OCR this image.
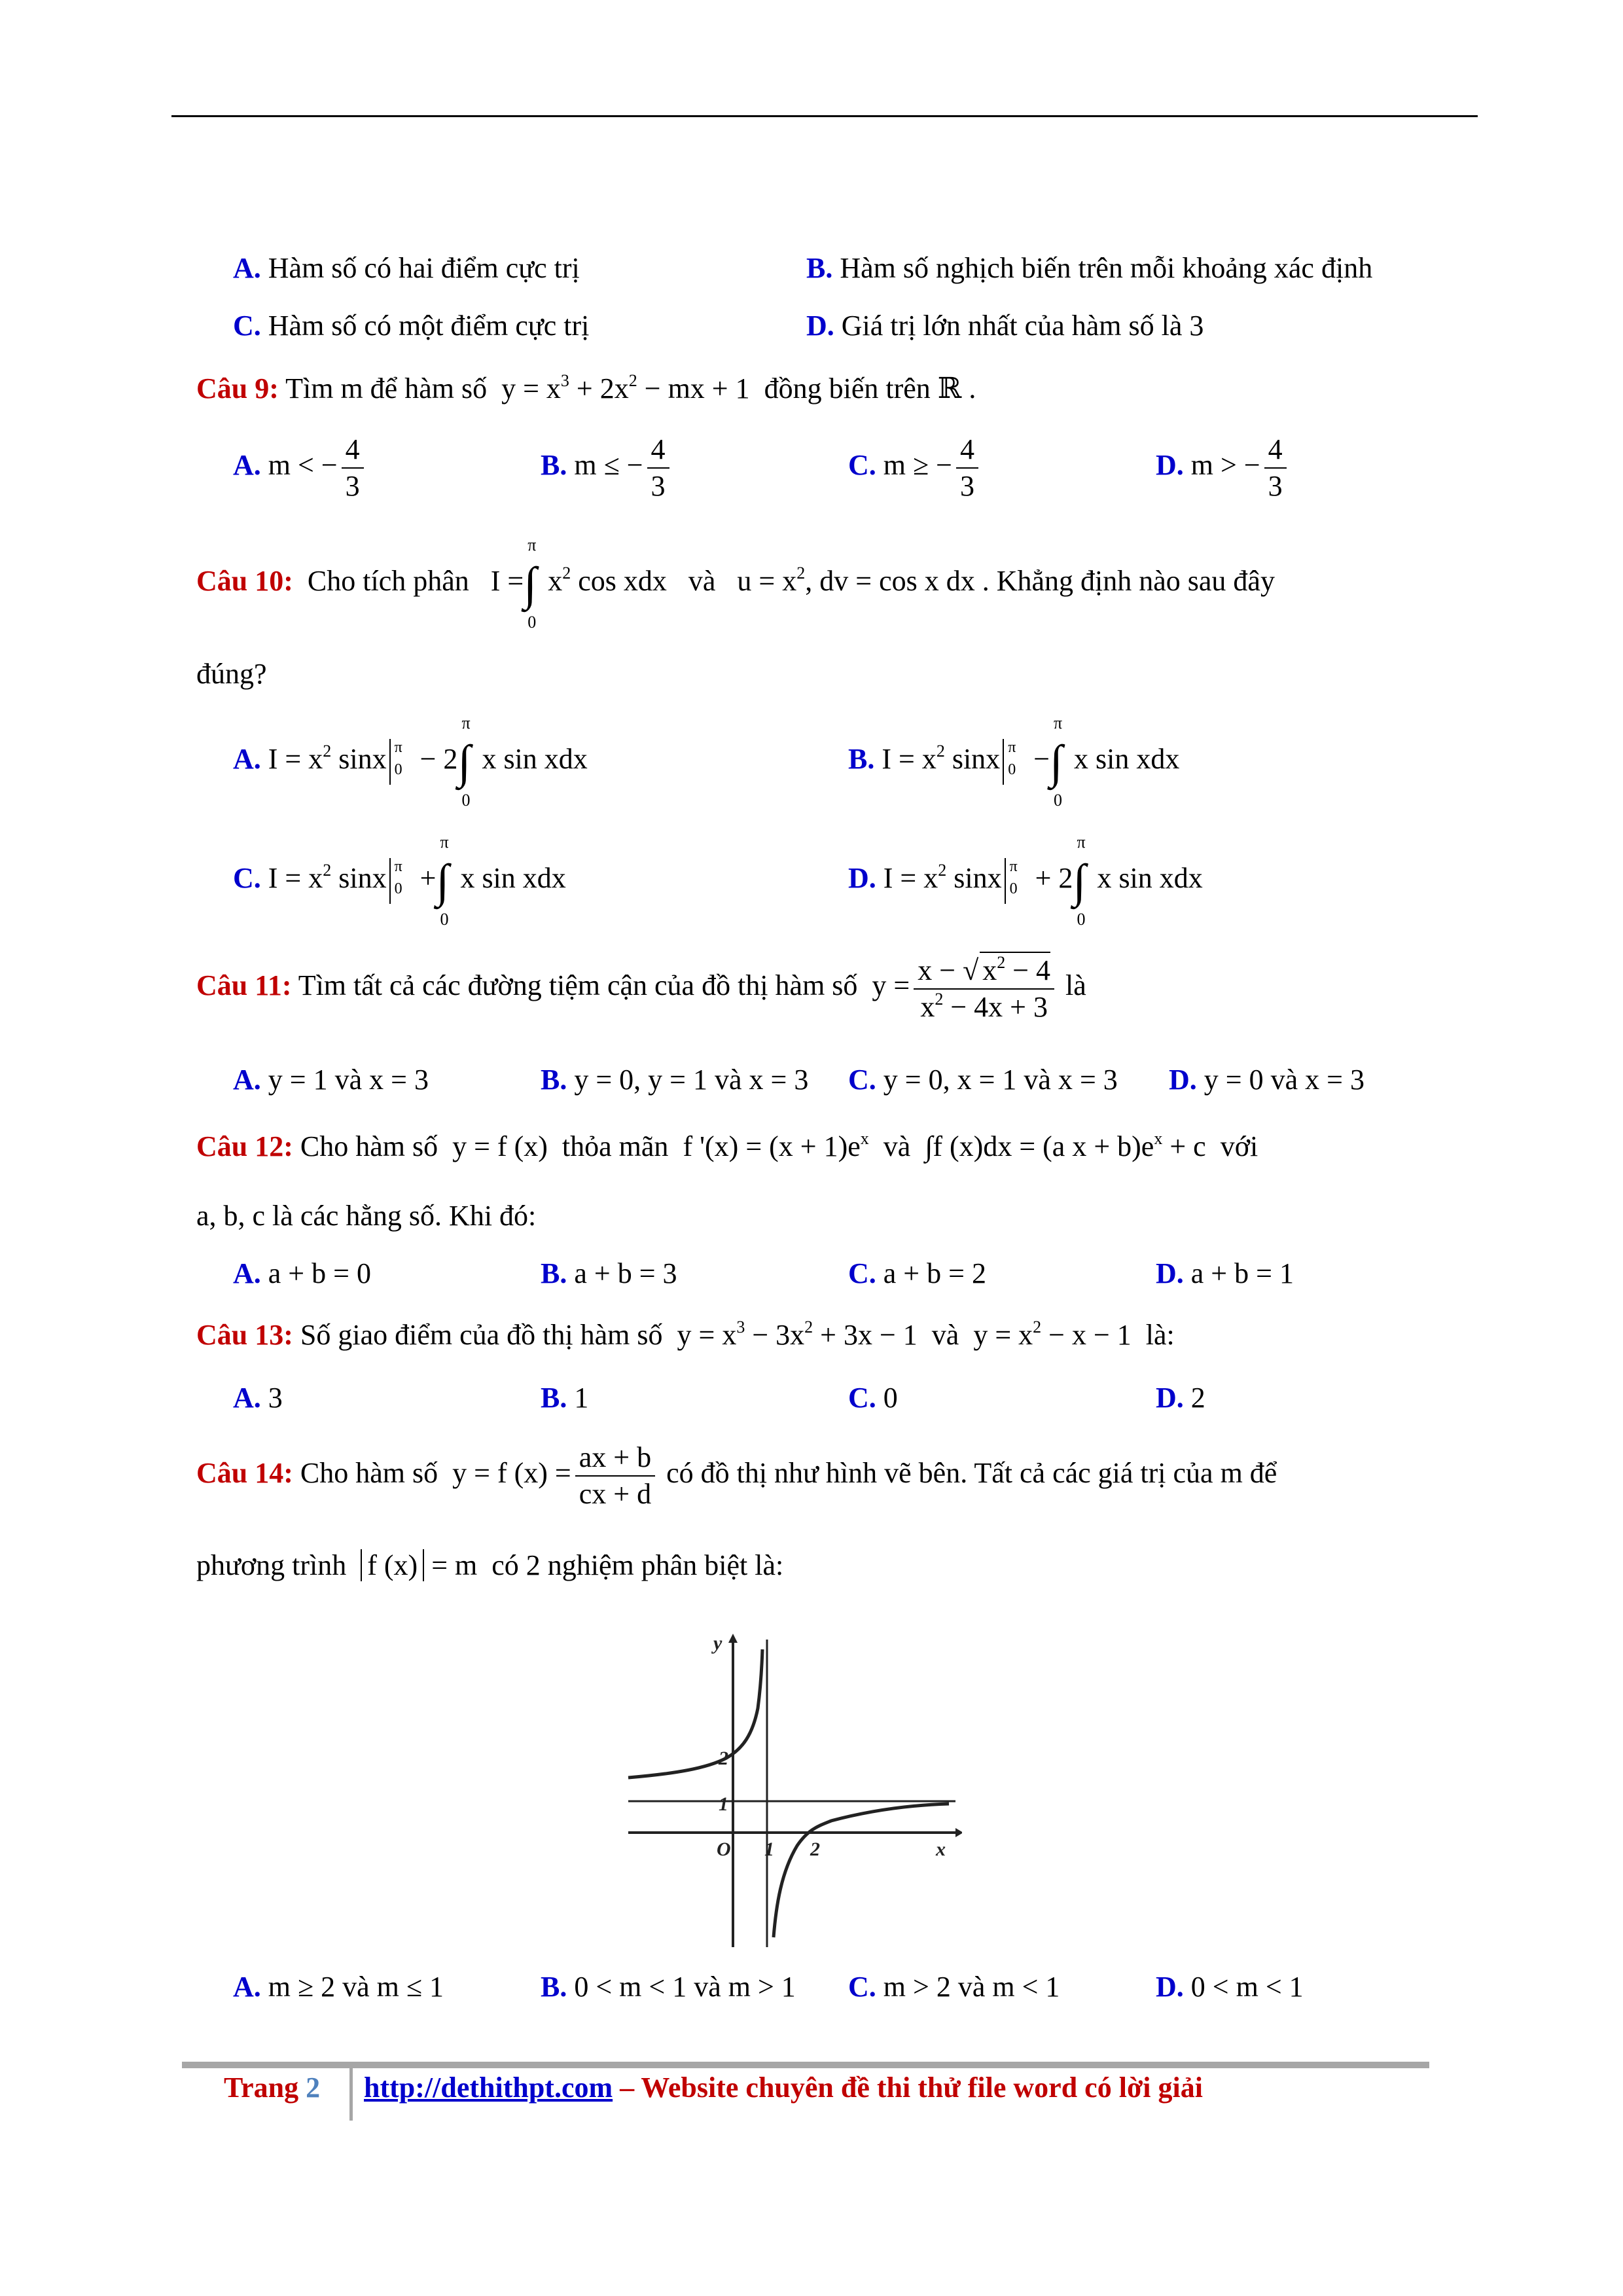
A. Hàm số có hai điểm cực trị	B. Hàm số nghịch biến trên mỗi khoảng xác định
C. Hàm số có một điểm cực trị	D. Giá trị lớn nhất của hàm số là 3
Câu 9: Tìm m để hàm số  $y = x^3 + 2x^2$ − mx + 1  đồng biến trên ℝ .
A. m < − $\frac{4}{3}$	B. m ≤ − $\frac{4}{3}$	C. m ≥ − $\frac{4}{3}$	D. m > − $\frac{4}{3}$
Câu 10: Cho tích phân   I =
π
∫
0
$x^2$ cos xdx và $u = x^2$, dv = cos x dx . Khẳng định nào sau đây
đúng?
A. $I = x^2$ sinx π
0 − 2
π
∫
0
x sin xdx	B. $I = x^2$ sinx π
0 −
π
∫
0
x sin xdx
C. $I = x^2$ sinx π
0 +
π
∫
0
x sin xdx	D. $I = x^2$ sinx π
0 + 2
π
∫
0
x sin xdx
Câu 11: Tìm tất cả các đường tiệm cận của đồ thị hàm số  $y = \frac{x - √ x^2 - 4}{x^2 - 4x + 3}$ là
A. y = 1 và x = 3	B. y = 0, y = 1 và x = 3 C. y = 0, x = 1 và x = 3 D. y = 0 và x = 3
Câu 12: Cho hàm số  y = f (x)  thỏa mãn  f '$(x) = (x + 1)e^x$ và  ∫f (x)dx = (a $x + b)e^x + c$  với
a, b, c là các hằng số. Khi đó:
A. a + b = 0	B. a + b = 3	C. a + b = 2	D. a + b = 1
Câu 13: Số giao điểm của đồ thị hàm số  $y = x^3 - 3x^2 + 3x - 1$  và  $y = x^2 - x - 1$  là:
A. 3	B. 1	C. 0	D. 2
Câu 14: Cho hàm số  y = f $(x) = \frac{ax + b}{cx + d}$ có đồ thị như hình vẽ bên. Tất cả các giá trị của m để
phương trình f (x) = m  có 2 nghiệm phân biệt là:
y
x
O 1 2
1
2
A. m ≥ 2 và m ≤ 1	B. 0 < m < 1 và m > 1 C. m > 2 và m < 1	D. 0 < m < 1
Trang 2 http://dethithpt.com – Website chuyên đề thi thử file word có lời giải
